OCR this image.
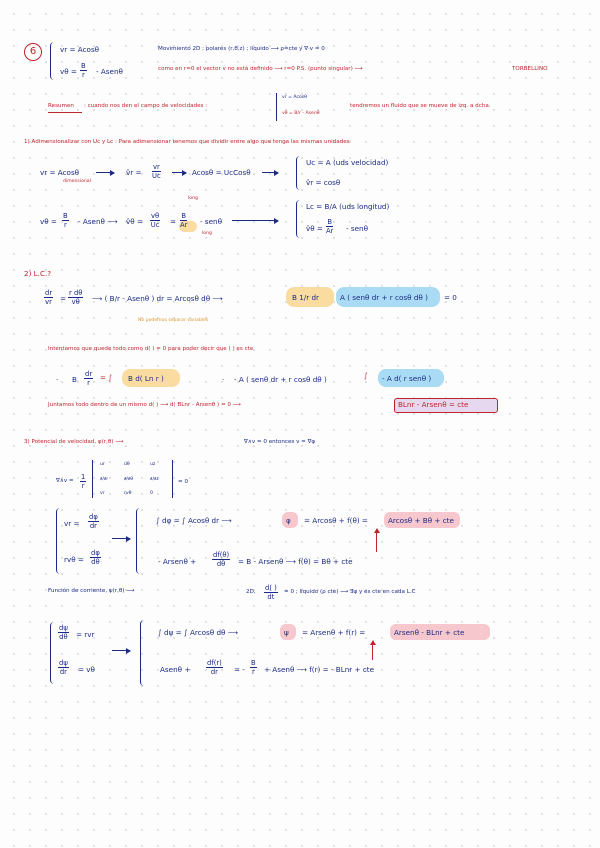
6	vr = Acosθ
$v\theta = \frac{B}{r}$ - Asenθ
Movimiento 2D ; polares (r,θ,z) ; líquido ⟶ ρ=cte y ∇·v = 0
como en r=0 el vector v no está definido ⟶ r=0 P.S. (punto singular) ⟶	TORBELLINO
Resumen : cuando nos den el campo de velocidades :
vr = Acosθ
vθ = B/r - Asenθ
tendremos un fluido que se mueve de izq. a dcha.
1) Adimensionalizar con Uc y Lc : Para adimensionar tenemos que dividir entre algo que tenga las mismas unidades
vr = Acosθ
dimensional
v̂r = $\frac{vr}{Uc}$	Acosθ = UcCosθ
$v\theta = \frac{B}{r}$ - Asenθ ⟶ v̂θ = $\frac{v\theta}{Uc} = \frac{B}{Ar} - sen\theta$
long
long
Uc = A (uds velocidad)
v̂r = cosθ
Lc = B/A (uds longitud)
v̂θ = $\frac{B}{Ar}$ - senθ
2) L.C.?
$\frac{dr}{vr} = \frac{\text{r dθ}}{v\theta}$ ⟶ ( B/r - Asenθ ) dr = Arcosθ dθ ⟶	B 1/r dr	A ( senθ dr + r cosθ dθ ) = 0
No podemos separar variables
Intentamos que quede todo como d( ) = 0 para poder decir que ( ) es cte
· B $\frac{dr}{r}$ = ∫ B d( Ln r )	· - A ( senθ dr + r cosθ dθ )	∫ - A d( r senθ )
Juntamos todo dentro de un mismo d( ) ⟶ d( BLnr - Arsenθ ) = 0 ⟶	BLnr - Arsenθ = cte
3) Potencial de velocidad, φ(r,θ) ⟶	∇∧v = 0 entonces v = ∇φ
∇∧v = $\frac{1}{r}$
ur	uθ	uz
∂/∂r	∂/∂θ	∂/∂z
vr	rvθ	0
= 0
vr = $\frac{d\varphi}{dr}$
$rv\theta = \frac{d\varphi}{d\theta}$
∫ dφ = ∫ Acosθ dr ⟶	φ = Arcosθ + f(θ) =	Arcosθ + Bθ + cte
- Arsenθ + $\frac{df(\theta)}{d\theta} = B$ - Arsenθ ⟶ f(θ) = Bθ + cte
Función de corriente, ψ(r,θ) ⟶	2D, $\frac{d( )}{dt} = 0$ ; líquido (ρ cte) ⟶ ∃ψ y es cte en cada L.C
$\frac{d\psi}{d\theta}$ = rvr
$\frac{d\psi}{dr} = v\theta$
∫ dψ = ∫ Arcosθ dθ ⟶	ψ = Arsenθ + f(r) =	Arsenθ - BLnr + cte
Asenθ + $\frac{df(r)}{dr}$ = - $\frac{B}{r}$ + Asenθ ⟶ f(r) = - BLnr + cte
